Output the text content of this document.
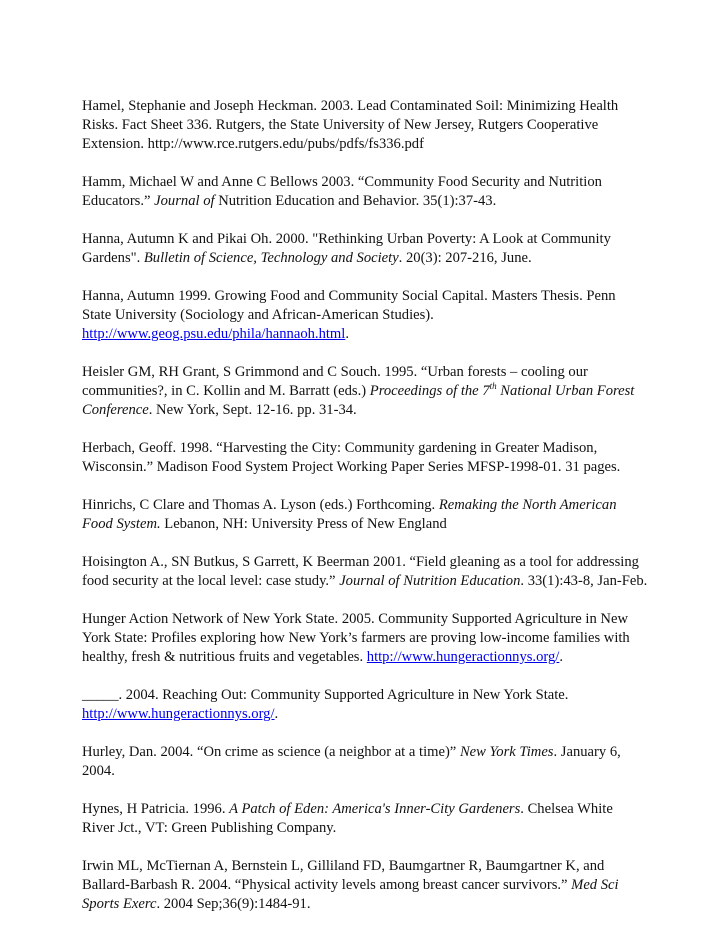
Hamel, Stephanie and Joseph Heckman. 2003. Lead Contaminated Soil: Minimizing Health Risks. Fact Sheet 336. Rutgers, the State University of New Jersey, Rutgers Cooperative Extension. http://www.rce.rutgers.edu/pubs/pdfs/fs336.pdf

Hamm, Michael W and Anne C Bellows 2003. “Community Food Security and Nutrition Educators.” Journal of Nutrition Education and Behavior. 35(1):37-43.

Hanna, Autumn K and Pikai Oh. 2000. "Rethinking Urban Poverty: A Look at Community Gardens". Bulletin of Science, Technology and Society. 20(3): 207-216, June.

Hanna, Autumn 1999. Growing Food and Community Social Capital. Masters Thesis. Penn State University (Sociology and African-American Studies). http://www.geog.psu.edu/phila/hannaoh.html.

Heisler GM, RH Grant, S Grimmond and C Souch. 1995. “Urban forests – cooling our communities?, in C. Kollin and M. Barratt (eds.) Proceedings of the 7th National Urban Forest Conference. New York, Sept. 12-16. pp. 31-34.

Herbach, Geoff. 1998. “Harvesting the City: Community gardening in Greater Madison, Wisconsin.” Madison Food System Project Working Paper Series MFSP-1998-01. 31 pages.

Hinrichs, C Clare and Thomas A. Lyson (eds.) Forthcoming. Remaking the North American Food System. Lebanon, NH: University Press of New England

Hoisington A., SN Butkus, S Garrett, K Beerman 2001. “Field gleaning as a tool for addressing food security at the local level: case study.” Journal of Nutrition Education. 33(1):43-8, Jan-Feb.

Hunger Action Network of New York State. 2005. Community Supported Agriculture in New York State: Profiles exploring how New York’s farmers are proving low-income families with healthy, fresh & nutritious fruits and vegetables. http://www.hungeractionnys.org/.

_____. 2004. Reaching Out: Community Supported Agriculture in New York State. http://www.hungeractionnys.org/.

Hurley, Dan. 2004. “On crime as science (a neighbor at a time)” New York Times. January 6, 2004.

Hynes, H Patricia. 1996. A Patch of Eden: America's Inner-City Gardeners. Chelsea White River Jct., VT: Green Publishing Company.

Irwin ML, McTiernan A, Bernstein L, Gilliland FD, Baumgartner R, Baumgartner K, and Ballard-Barbash R. 2004. “Physical activity levels among breast cancer survivors.” Med Sci Sports Exerc. 2004 Sep;36(9):1484-91.
